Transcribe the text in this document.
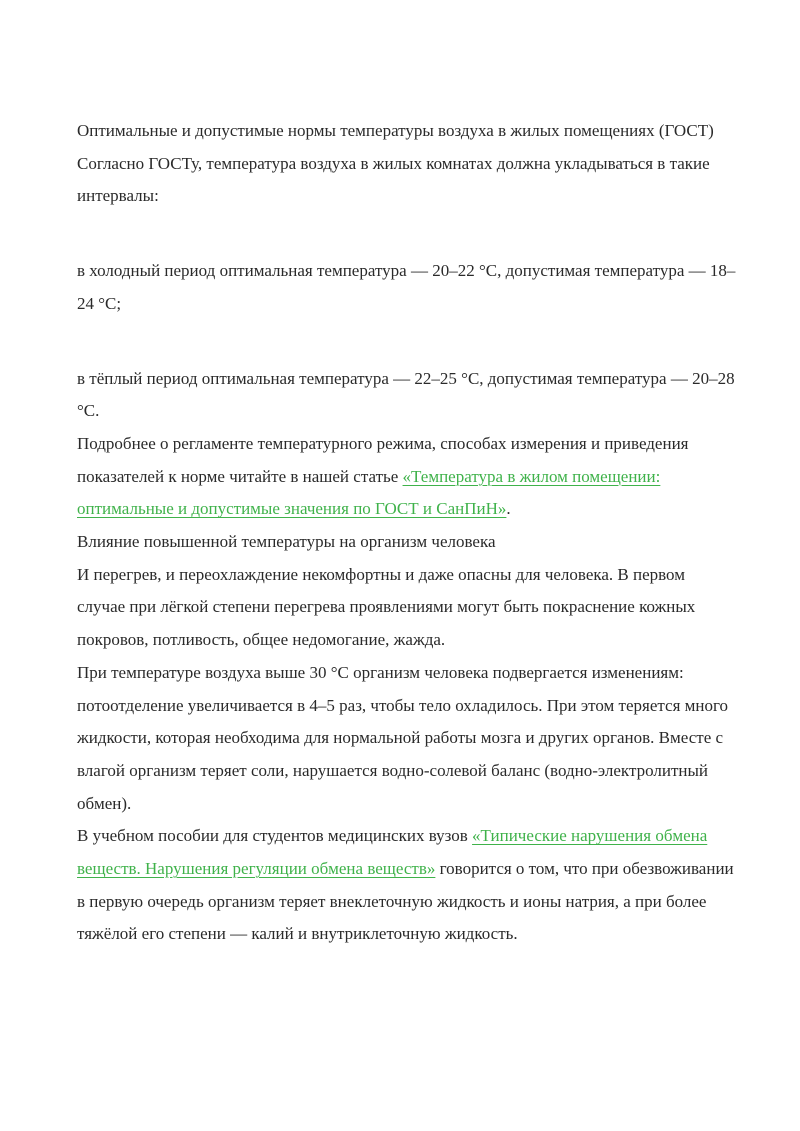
Оптимальные и допустимые нормы температуры воздуха в жилых помещениях (ГОСТ)

Согласно ГОСТу, температура воздуха в жилых комнатах должна укладываться в такие интервалы:

в холодный период оптимальная температура — 20–22 °С, допустимая температура — 18–24 °С;

в тёплый период оптимальная температура — 22–25 °С, допустимая температура — 20–28 °С.

Подробнее о регламенте температурного режима, способах измерения и приведения показателей к норме читайте в нашей статье «Температура в жилом помещении: оптимальные и допустимые значения по ГОСТ и СанПиН».

Влияние повышенной температуры на организм человека

И перегрев, и переохлаждение некомфортны и даже опасны для человека. В первом случае при лёгкой степени перегрева проявлениями могут быть покраснение кожных покровов, потливость, общее недомогание, жажда.

При температуре воздуха выше 30 °С организм человека подвергается изменениям: потоотделение увеличивается в 4–5 раз, чтобы тело охладилось. При этом теряется много жидкости, которая необходима для нормальной работы мозга и других органов. Вместе с влагой организм теряет соли, нарушается водно-солевой баланс (водно-электролитный обмен).

В учебном пособии для студентов медицинских вузов «Типические нарушения обмена веществ. Нарушения регуляции обмена веществ» говорится о том, что при обезвоживании в первую очередь организм теряет внеклеточную жидкость и ионы натрия, а при более тяжёлой его степени — калий и внутриклеточную жидкость.
